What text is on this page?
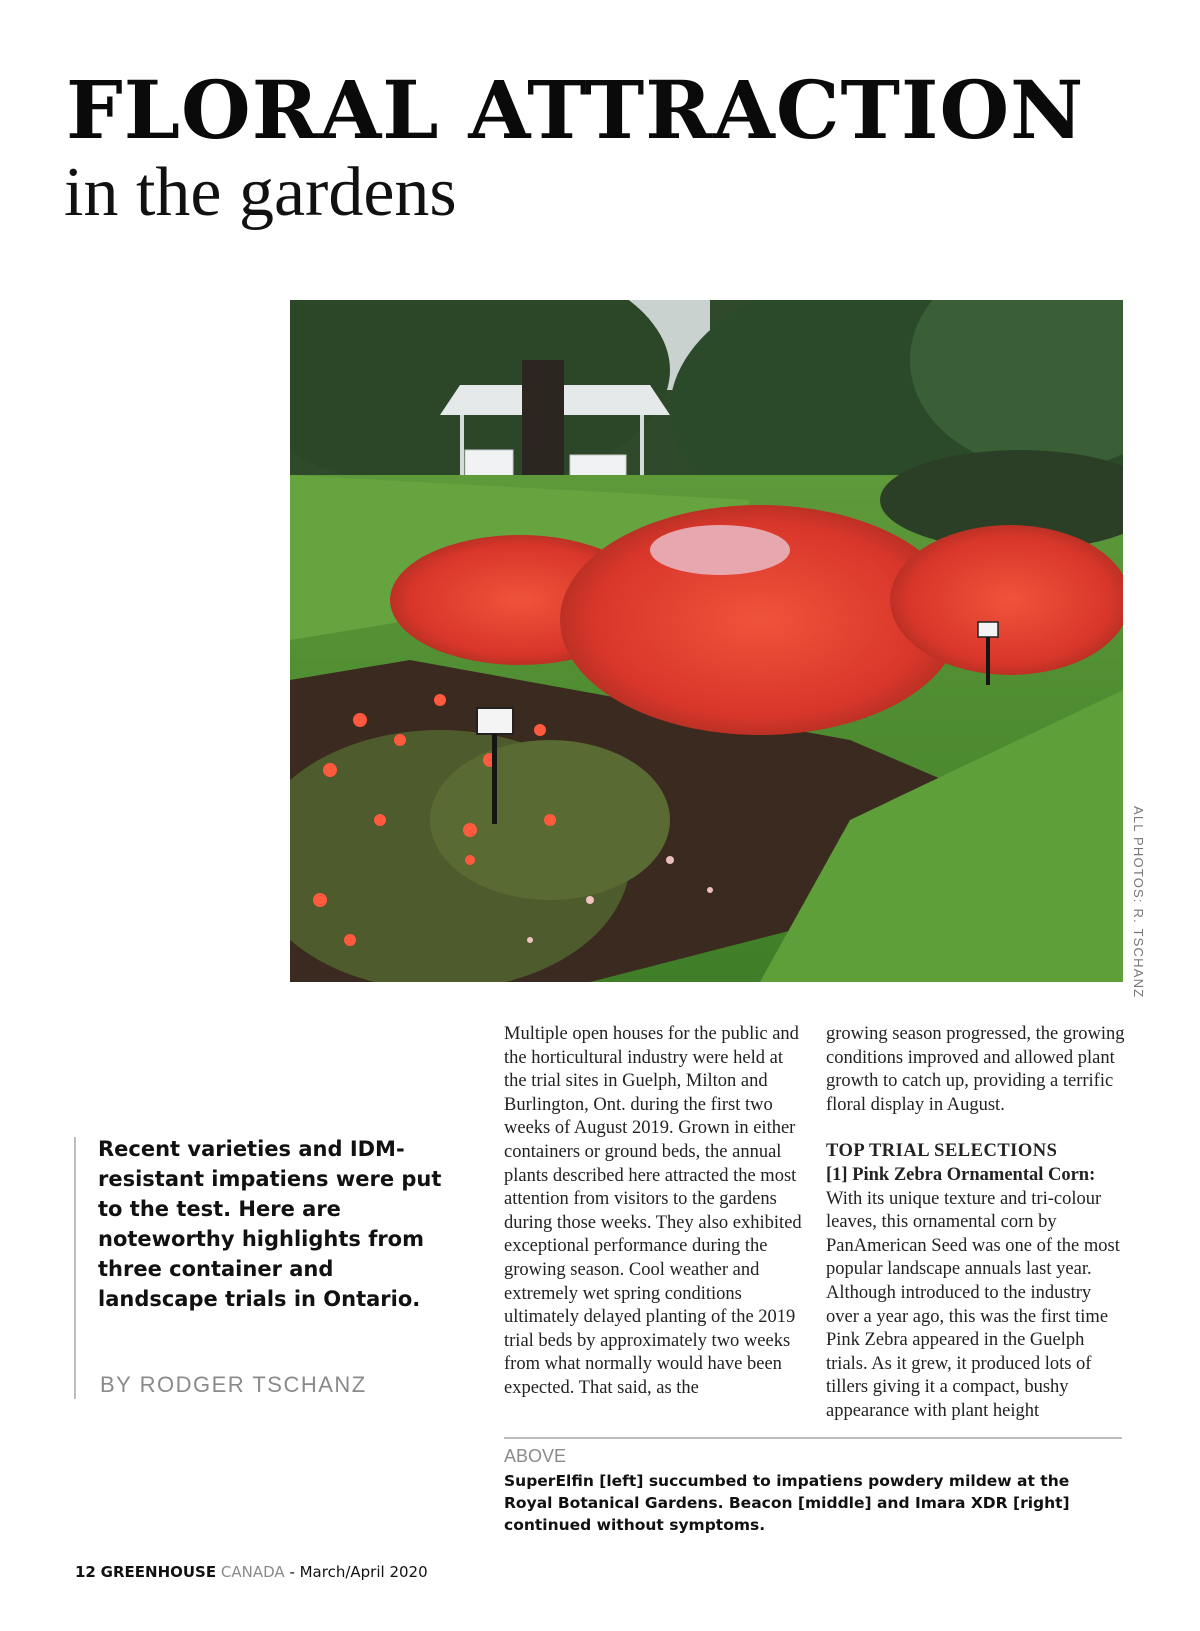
FLORAL ATTRACTION
in the gardens
ALL PHOTOS: R. TSCHANZ
Recent varieties and IDM-resistant impatiens were put to the test. Here are noteworthy highlights from three container and landscape trials in Ontario.
BY RODGER TSCHANZ

Multiple open houses for the public and the horticultural industry were held at the trial sites in Guelph, Milton and Burlington, Ont. during the first two weeks of August 2019. Grown in either containers or ground beds, the annual plants described here attracted the most attention from visitors to the gardens during those weeks. They also exhibited exceptional performance during the growing season. Cool weather and extremely wet spring conditions ultimately delayed planting of the 2019 trial beds by approximately two weeks from what normally would have been expected. That said, as the

growing season progressed, the growing conditions improved and allowed plant growth to catch up, providing a terrific floral display in August.

TOP TRIAL SELECTIONS

[1] Pink Zebra Ornamental Corn: With its unique texture and tri-colour leaves, this ornamental corn by PanAmerican Seed was one of the most popular landscape annuals last year. Although introduced to the industry over a year ago, this was the first time Pink Zebra appeared in the Guelph trials. As it grew, it produced lots of tillers giving it a compact, bushy appearance with plant height

ABOVE
SuperElfin [left] succumbed to impatiens powdery mildew at the Royal Botanical Gardens. Beacon [middle] and Imara XDR [right] continued without symptoms.
12 GREENHOUSE CANADA - March/April 2020
